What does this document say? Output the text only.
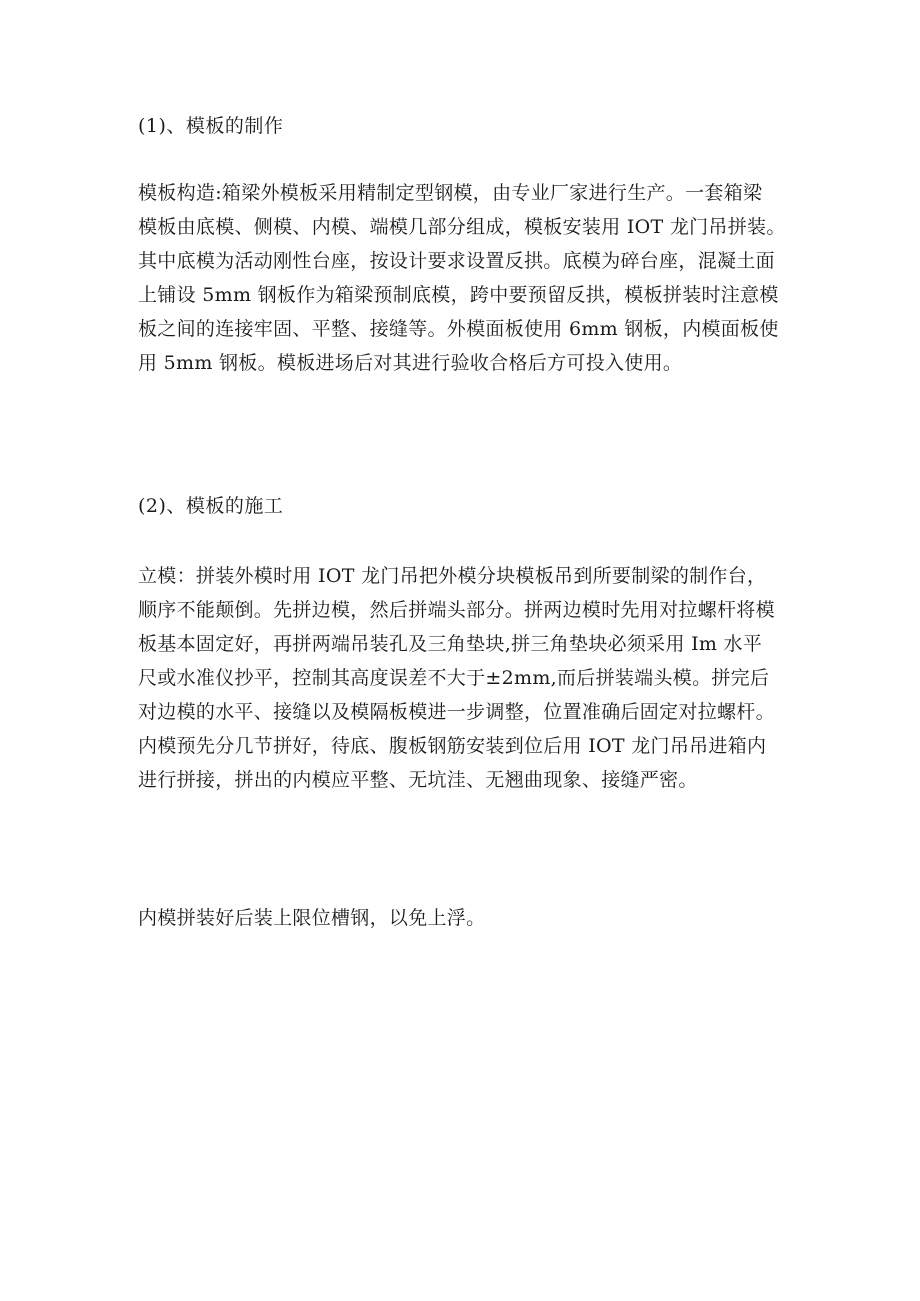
(1)、模板的制作
模板构造:箱梁外模板采用精制定型钢模，由专业厂家进行生产。一套箱梁
模板由底模、侧模、内模、端模几部分组成，模板安装用 IOT 龙门吊拼装。
其中底模为活动刚性台座，按设计要求设置反拱。底模为碎台座，混凝土面
上铺设 5mm 钢板作为箱梁预制底模，跨中要预留反拱，模板拼装时注意模
板之间的连接牢固、平整、接缝等。外模面板使用 6mm 钢板，内模面板使
用 5mm 钢板。模板进场后对其进行验收合格后方可投入使用。
(2)、模板的施工
立模：拼装外模时用 IOT 龙门吊把外模分块模板吊到所要制梁的制作台，
顺序不能颠倒。先拼边模，然后拼端头部分。拼两边模时先用对拉螺杆将模
板基本固定好，再拼两端吊装孔及三角垫块,拼三角垫块必须采用 Im 水平
尺或水准仪抄平，控制其高度误差不大于±2mm,而后拼装端头模。拼完后
对边模的水平、接缝以及模隔板模进一步调整，位置准确后固定对拉螺杆。
内模预先分几节拼好，待底、腹板钢筋安装到位后用 IOT 龙门吊吊进箱内
进行拼接，拼出的内模应平整、无坑洼、无翘曲现象、接缝严密。
内模拼装好后装上限位槽钢，以免上浮。
